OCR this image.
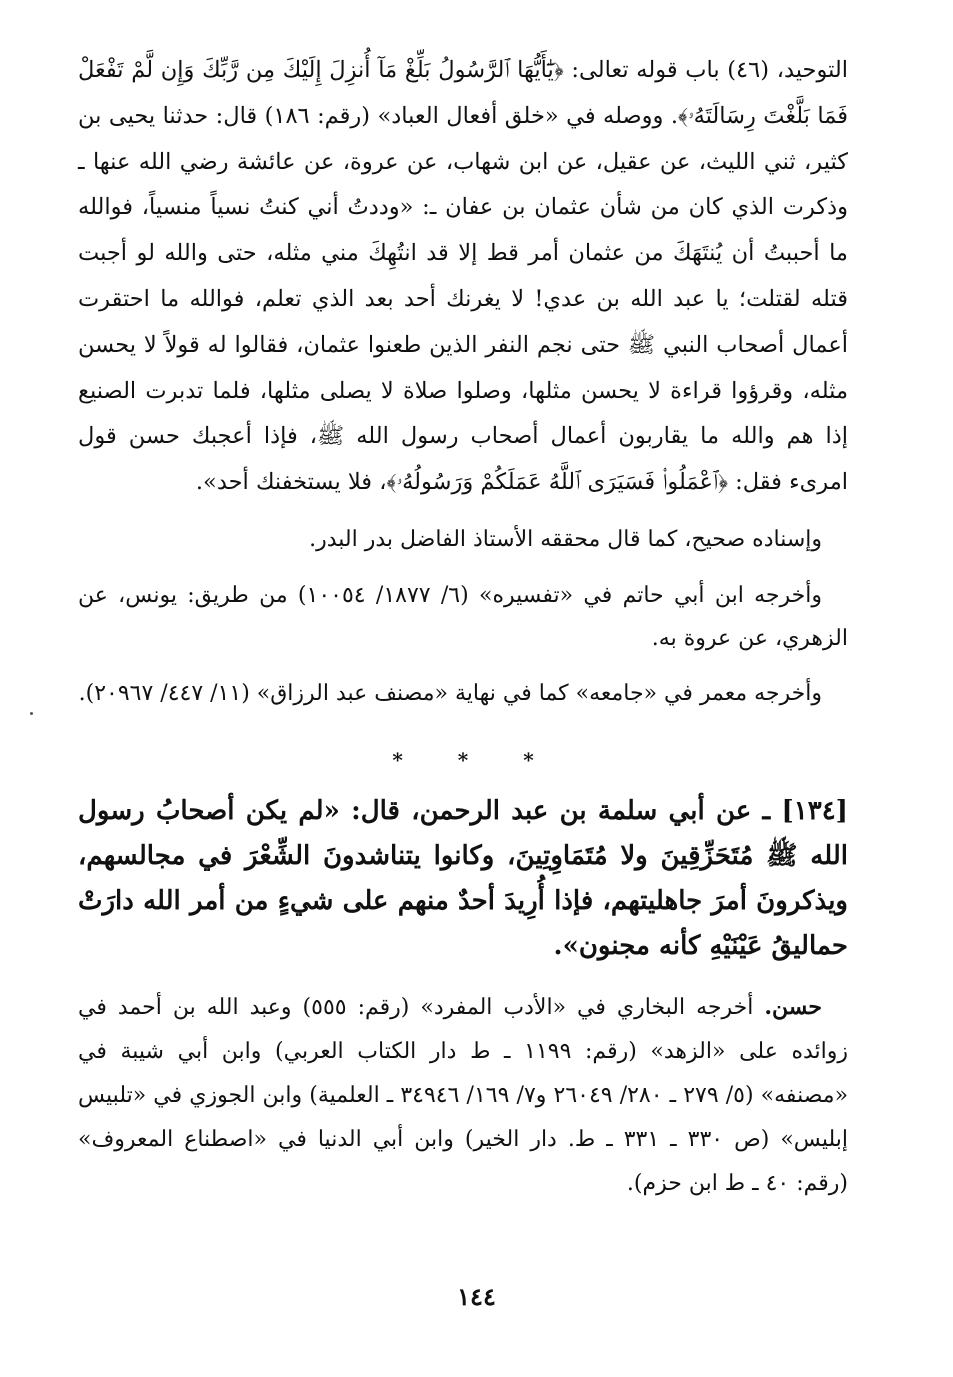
التوحيد، (٤٦) باب قوله تعالى: ﴿يَٰٓأَيُّهَا ٱلرَّسُولُ بَلِّغْ مَآ أُنزِلَ إِلَيْكَ مِن رَّبِّكَ وَإِن لَّمْ تَفْعَلْ فَمَا بَلَّغْتَ رِسَالَتَهُۥ﴾. ووصله في «خلق أفعال العباد» (رقم: ١٨٦) قال: حدثنا يحيى بن كثير، ثني الليث، عن عقيل، عن ابن شهاب، عن عروة، عن عائشة رضي الله عنها ـ وذكرت الذي كان من شأن عثمان بن عفان ـ: «وددتُ أني كنتُ نسياً منسياً، فوالله ما أحببتُ أن يُنتَهَكَ من عثمان أمر قط إلا قد انتُهِكَ مني مثله، حتى والله لو أجبت قتله لقتلت؛ يا عبد الله بن عدي! لا يغرنك أحد بعد الذي تعلم، فوالله ما احتقرت أعمال أصحاب النبي ﷺ حتى نجم النفر الذين طعنوا عثمان، فقالوا له قولاً لا يحسن مثله، وقرؤوا قراءة لا يحسن مثلها، وصلوا صلاة لا يصلى مثلها، فلما تدبرت الصنيع إذا هم والله ما يقاربون أعمال أصحاب رسول الله ﷺ، فإذا أعجبك حسن قول امرىء فقل: ﴿ٱعْمَلُوا۟ فَسَيَرَى ٱللَّهُ عَمَلَكُمْ وَرَسُولُهُۥ﴾، فلا يستخفنك أحد».

وإسناده صحيح، كما قال محققه الأستاذ الفاضل بدر البدر.

وأخرجه ابن أبي حاتم في «تفسيره» (٦/ ١٨٧٧/ ١٠٠٥٤) من طريق: يونس، عن الزهري، عن عروة به.

وأخرجه معمر في «جامعه» كما في نهاية «مصنف عبد الرزاق» (١١/ ٤٤٧/ ٢٠٩٦٧).

* * *

[١٣٤] ـ عن أبي سلمة بن عبد الرحمن، قال: «لم يكن أصحابُ رسول الله ﷺ مُتَحَزِّقِينَ ولا مُتَمَاوِتِينَ، وكانوا يتناشدونَ الشِّعْرَ في مجالسهم، ويذكرونَ أمرَ جاهليتهم، فإذا أُرِيدَ أحدٌ منهم على شيءٍ من أمر الله دارَتْ حماليقُ عَيْنَيْهِ كأنه مجنون».

حسن. أخرجه البخاري في «الأدب المفرد» (رقم: ٥٥٥) وعبد الله بن أحمد في زوائده على «الزهد» (رقم: ١١٩٩ ـ ط دار الكتاب العربي) وابن أبي شيبة في «مصنفه» (٥/ ٢٧٩ ـ ٢٨٠/ ٢٦٠٤٩ و٧/ ١٦٩/ ٣٤٩٤٦ ـ العلمية) وابن الجوزي في «تلبيس إبليس» (ص ٣٣٠ ـ ٣٣١ ـ ط. دار الخير) وابن أبي الدنيا في «اصطناع المعروف» (رقم: ٤٠ ـ ط ابن حزم).

١٤٤
